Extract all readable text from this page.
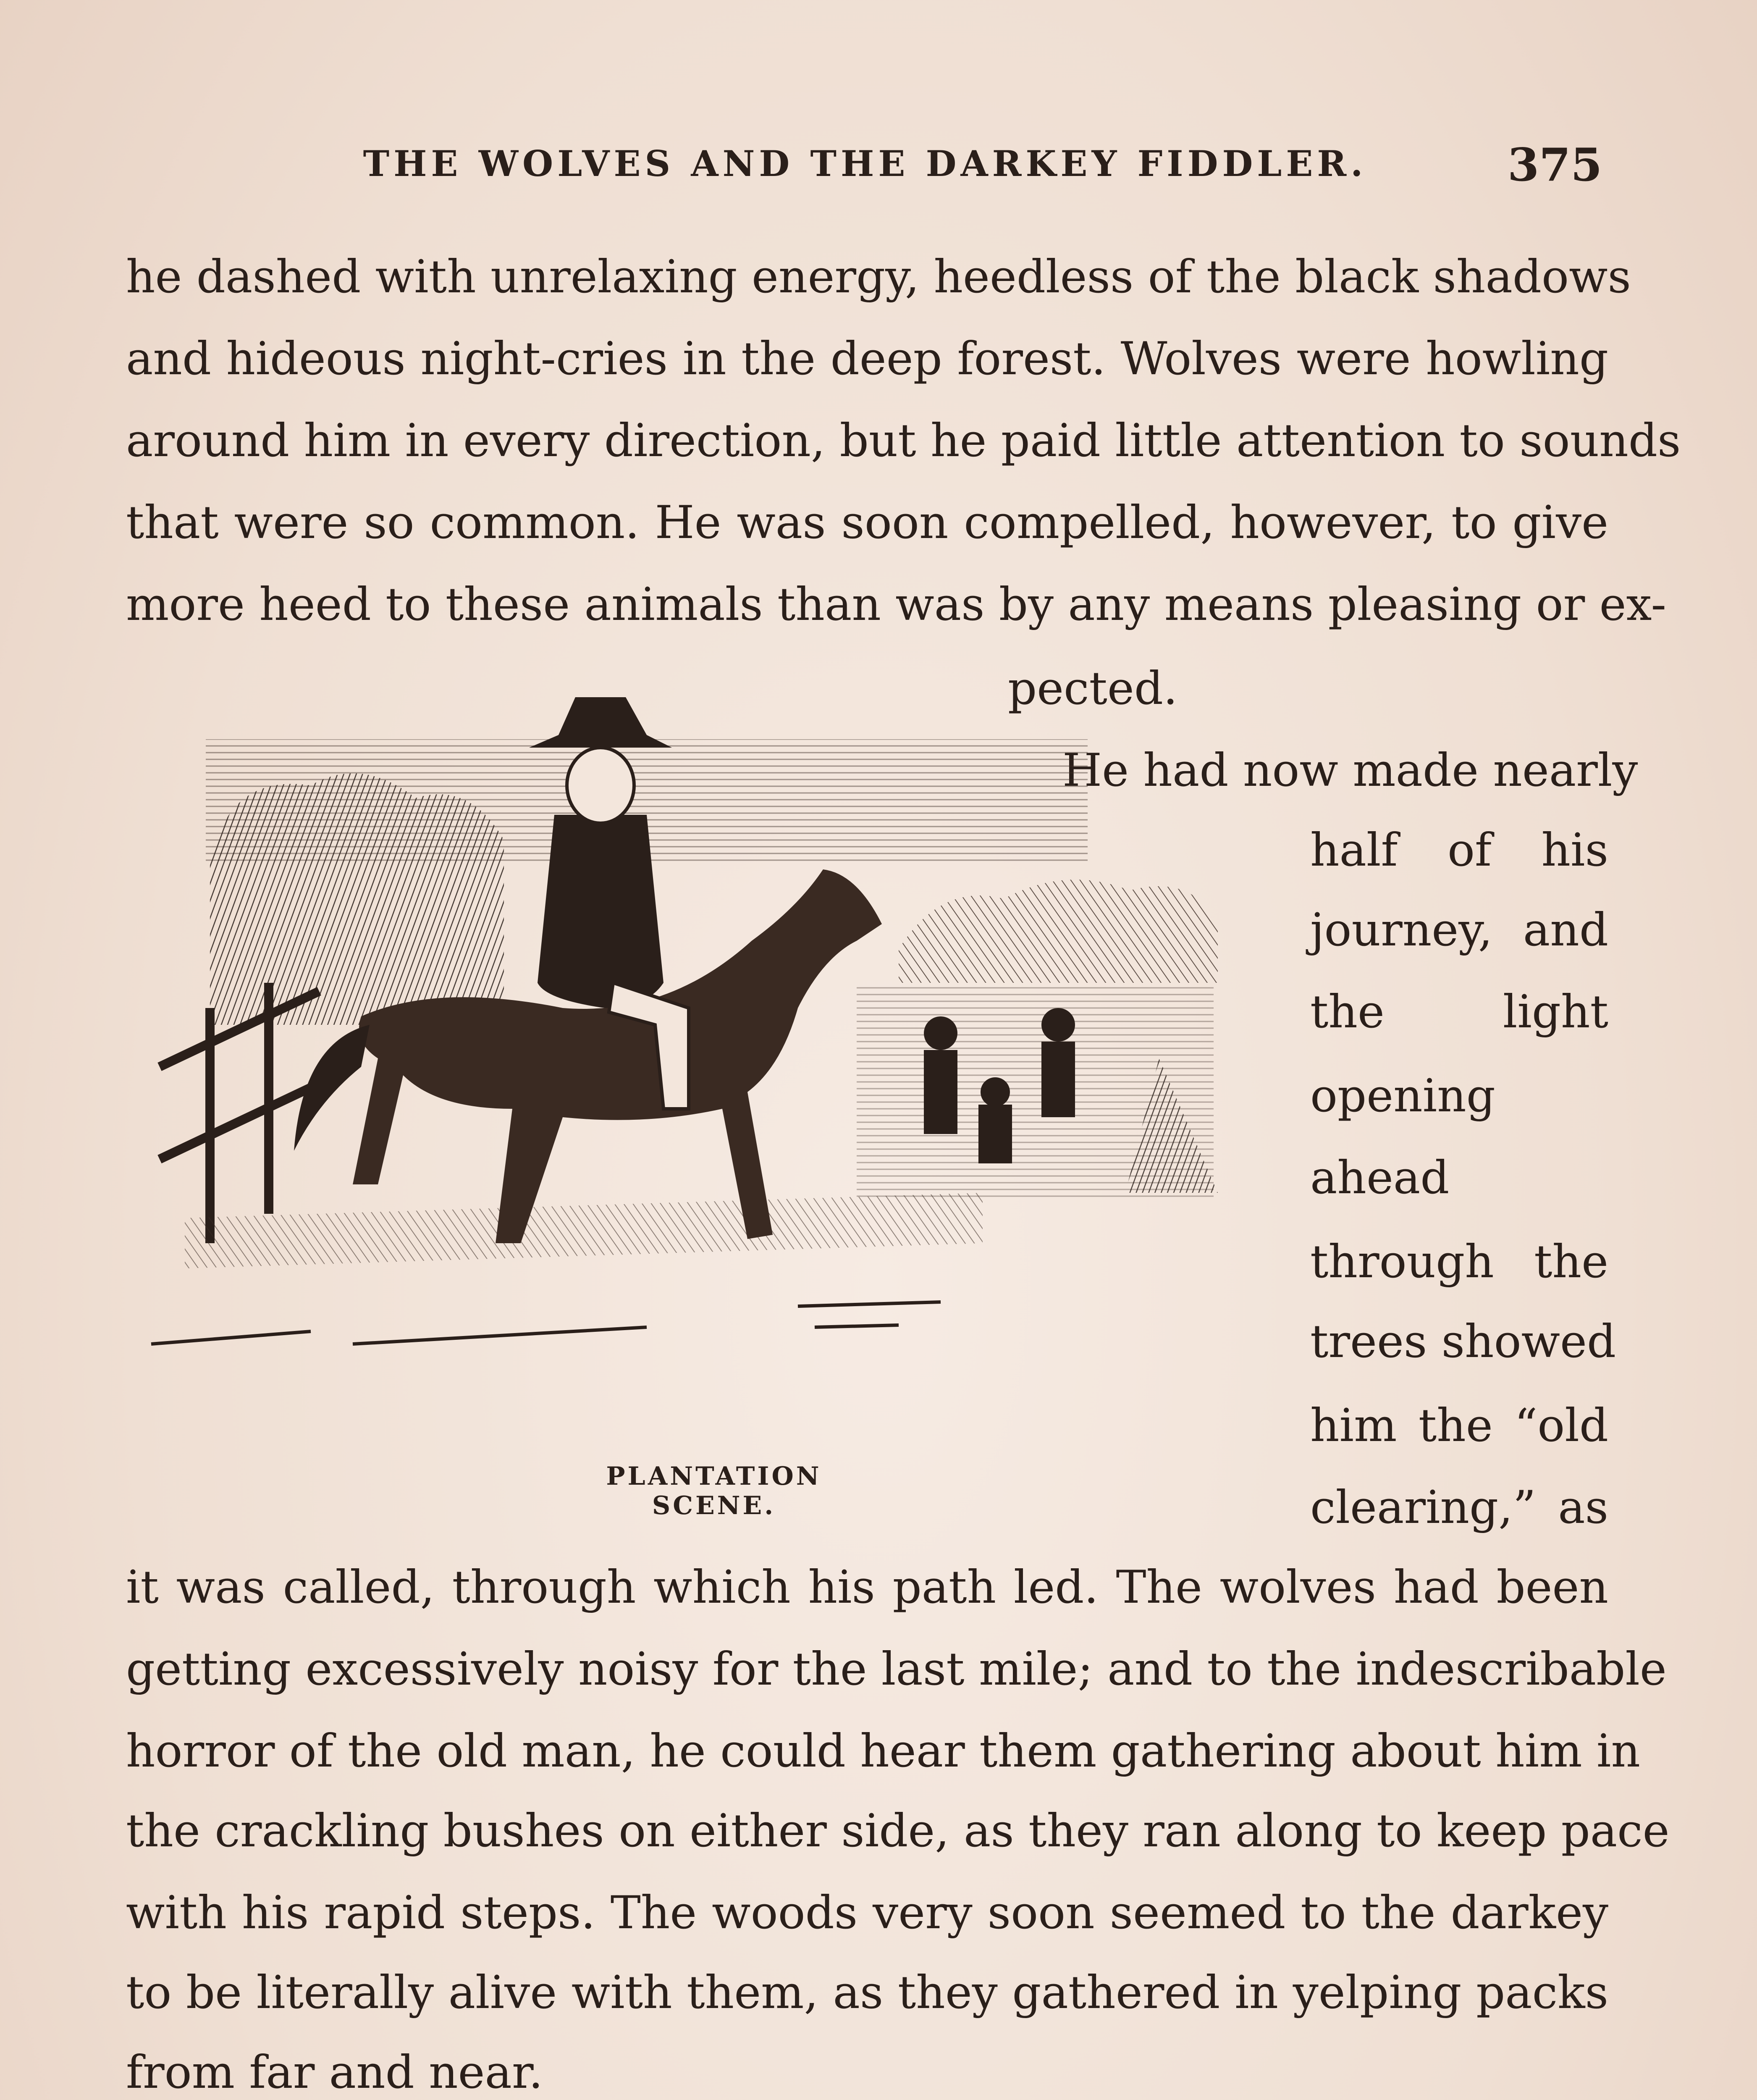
THE WOLVES AND THE DARKEY FIDDLER.	375
he dashed with unrelaxing energy, heedless of the black shadows
and hideous night-cries in the deep forest. Wolves were howling
around him in every direction, but he paid little attention to sounds
that were so common. He was soon compelled, however, to give
more heed to these animals than was by any means pleasing or ex-
pected.
He had now made nearly
half of his
journey, and
the light
opening
ahead
through the
trees showed
him the “old
clearing,” as
it was called, through which his path led. The wolves had been
getting excessively noisy for the last mile; and to the indescribable
horror of the old man, he could hear them gathering about him in
the crackling bushes on either side, as they ran along to keep pace
with his rapid steps. The woods very soon seemed to the darkey
to be literally alive with them, as they gathered in yelping packs
from far and near.
PLANTATION SCENE.
